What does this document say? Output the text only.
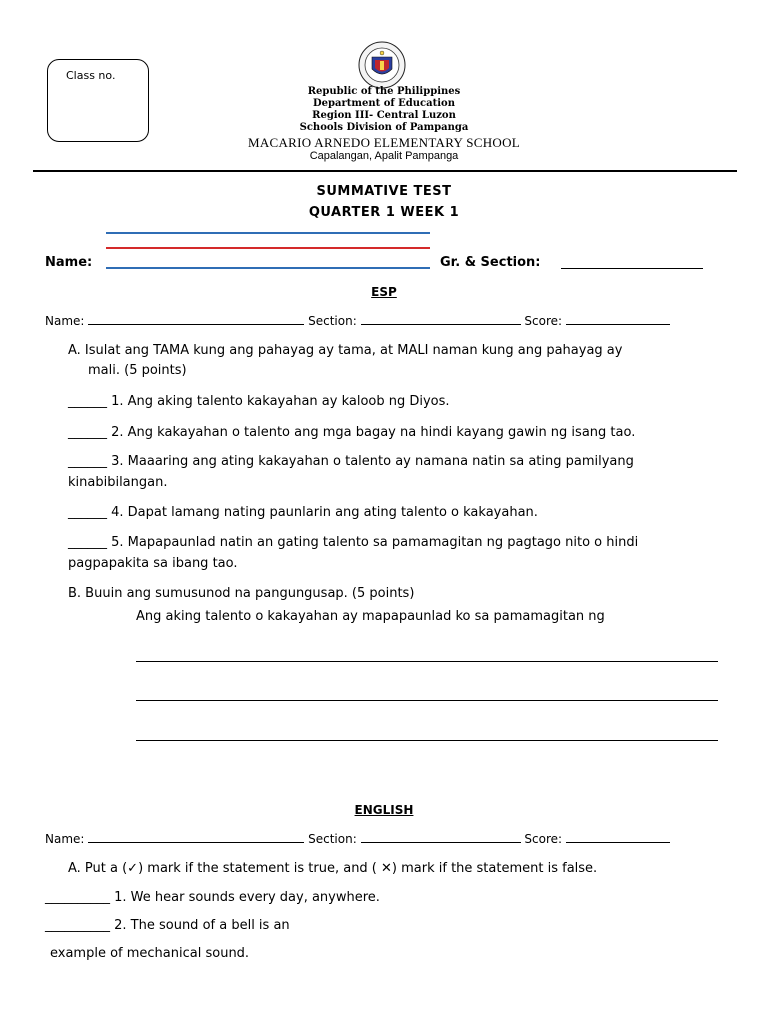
Class no.
Republic of the Philippines
Department of Education
Region III- Central Luzon
Schools Division of Pampanga
MACARIO ARNEDO ELEMENTARY SCHOOL
Capalangan, Apalit Pampanga
SUMMATIVE TEST
QUARTER 1 WEEK 1
Name:	Gr. & Section:
ESP
Name:	Section:	Score:
A. Isulat ang TAMA kung ang pahayag ay tama, at MALI naman kung ang pahayag ay
mali. (5 points)
______ 1. Ang aking talento kakayahan ay kaloob ng Diyos.
______ 2. Ang kakayahan o talento ang mga bagay na hindi kayang gawin ng isang tao.
______ 3. Maaaring ang ating kakayahan o talento ay namana natin sa ating pamilyang
kinabibilangan.
______ 4. Dapat lamang nating paunlarin ang ating talento o kakayahan.
______ 5. Mapapaunlad natin an gating talento sa pamamagitan ng pagtago nito o hindi
pagpapakita sa ibang tao.
B. Buuin ang sumusunod na pangungusap. (5 points)
Ang aking talento o kakayahan ay mapapaunlad ko sa pamamagitan ng
ENGLISH
Name:	Section:	Score:
A. Put a (✓) mark if the statement is true, and ( ✕) mark if the statement is false.
__________ 1. We hear sounds every day, anywhere.
__________ 2. The sound of a bell is an
example of mechanical sound.
